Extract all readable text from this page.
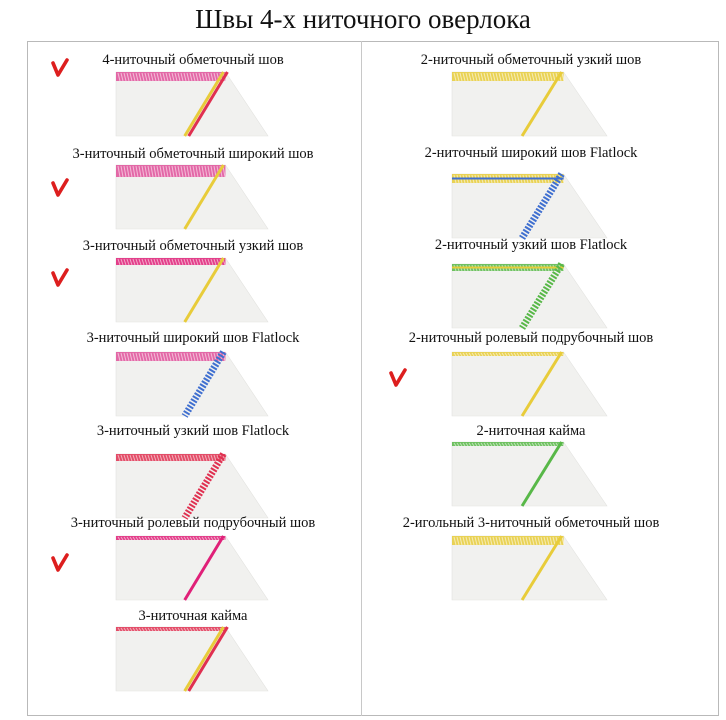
Швы 4-х ниточного оверлока
4-ниточный обметочный шов
3-ниточный обметочный широкий шов
3-ниточный обметочный узкий шов
3-ниточный широкий шов Flatlock
3-ниточный узкий шов Flatlock
3-ниточный ролевый подрубочный шов
3-ниточная кайма
2-ниточный обметочный узкий шов
2-ниточный широкий шов Flatlock
2-ниточный узкий шов Flatlock
2-ниточный ролевый подрубочный шов
2-ниточная кайма
2-игольный 3-ниточный обметочный шов
